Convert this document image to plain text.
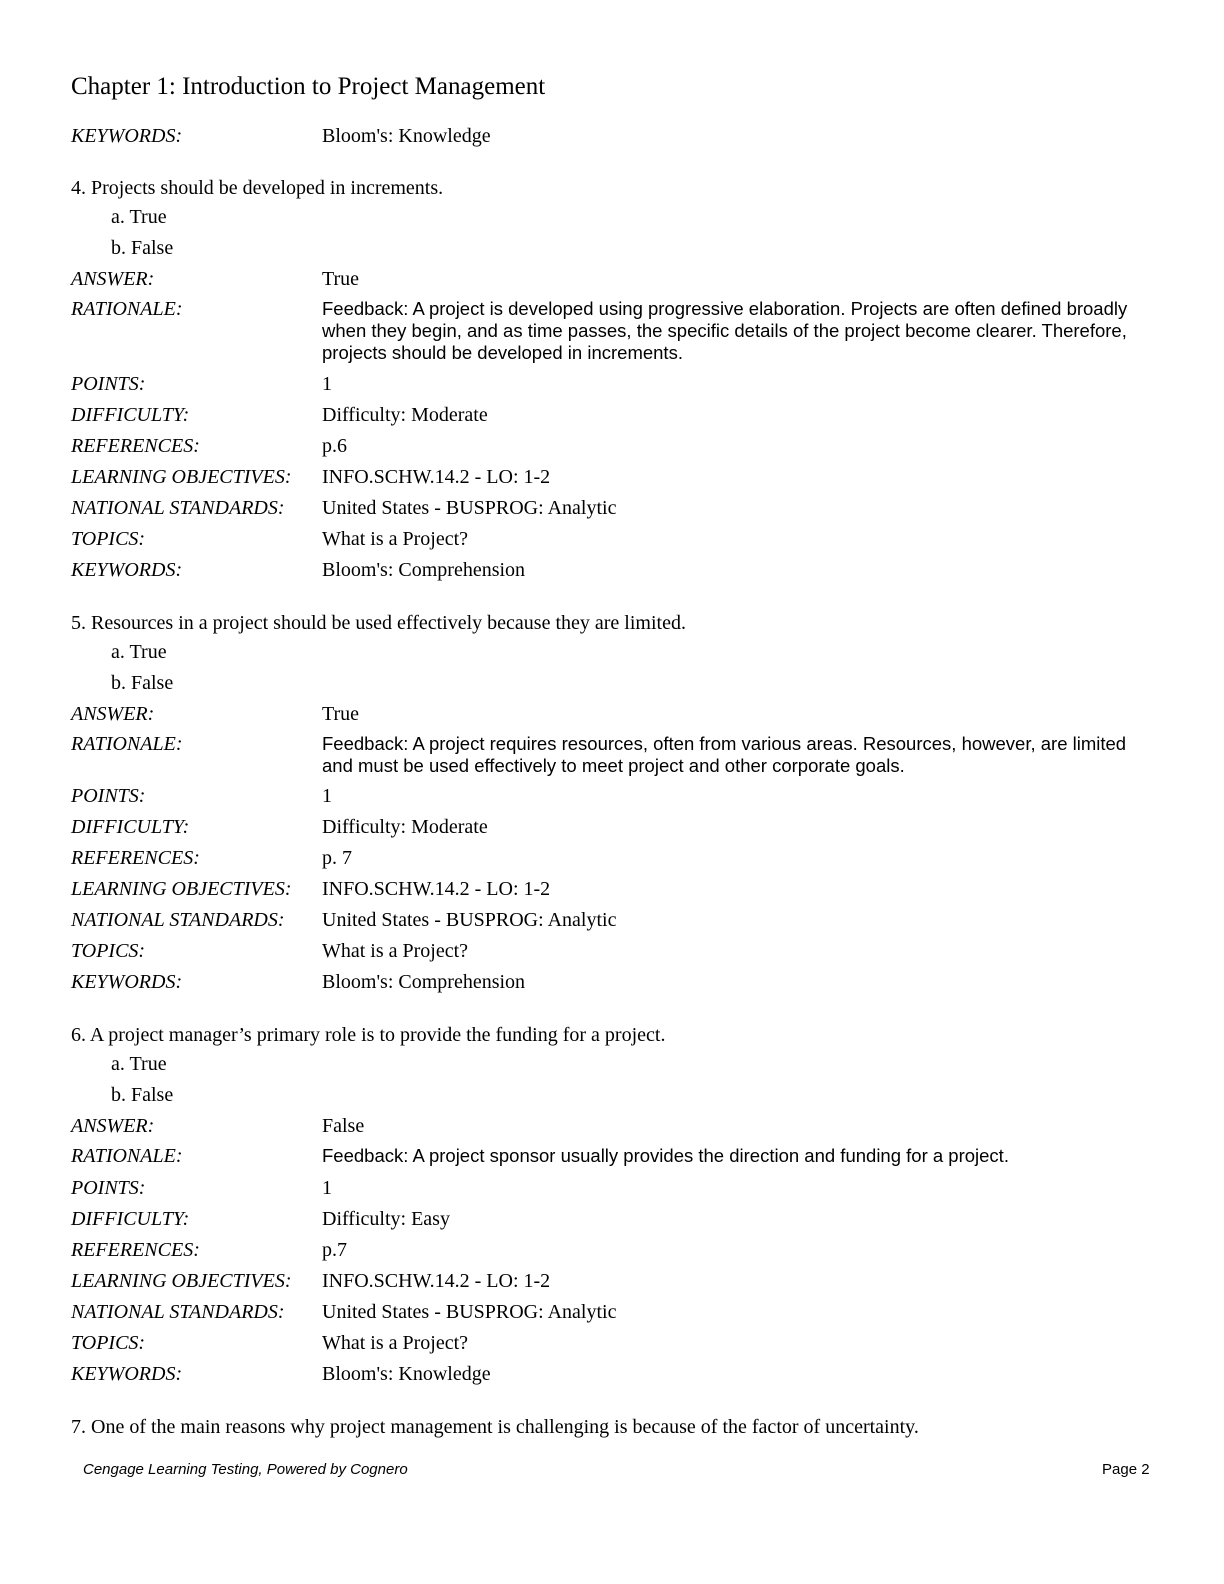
Chapter 1: Introduction to Project Management
KEYWORDS:	Bloom's: Knowledge
4. Projects should be developed in increments.
a. True
b. False
ANSWER:	True
RATIONALE:	Feedback: A project is developed using progressive elaboration. Projects are often defined broadly when they begin, and as time passes, the specific details of the project become clearer. Therefore, projects should be developed in increments.
POINTS:	1
DIFFICULTY:	Difficulty: Moderate
REFERENCES:	p.6
LEARNING OBJECTIVES:	INFO.SCHW.14.2 - LO: 1-2
NATIONAL STANDARDS:	United States - BUSPROG: Analytic
TOPICS:	What is a Project?
KEYWORDS:	Bloom's: Comprehension
5. Resources in a project should be used effectively because they are limited.
a. True
b. False
ANSWER:	True
RATIONALE:	Feedback: A project requires resources, often from various areas. Resources, however, are limited and must be used effectively to meet project and other corporate goals.
POINTS:	1
DIFFICULTY:	Difficulty: Moderate
REFERENCES:	p. 7
LEARNING OBJECTIVES:	INFO.SCHW.14.2 - LO: 1-2
NATIONAL STANDARDS:	United States - BUSPROG: Analytic
TOPICS:	What is a Project?
KEYWORDS:	Bloom's: Comprehension
6. A project manager’s primary role is to provide the funding for a project.
a. True
b. False
ANSWER:	False
RATIONALE:	Feedback: A project sponsor usually provides the direction and funding for a project.
POINTS:	1
DIFFICULTY:	Difficulty: Easy
REFERENCES:	p.7
LEARNING OBJECTIVES:	INFO.SCHW.14.2 - LO: 1-2
NATIONAL STANDARDS:	United States - BUSPROG: Analytic
TOPICS:	What is a Project?
KEYWORDS:	Bloom's: Knowledge
7. One of the main reasons why project management is challenging is because of the factor of uncertainty.
Cengage Learning Testing, Powered by Cognero	Page 2
